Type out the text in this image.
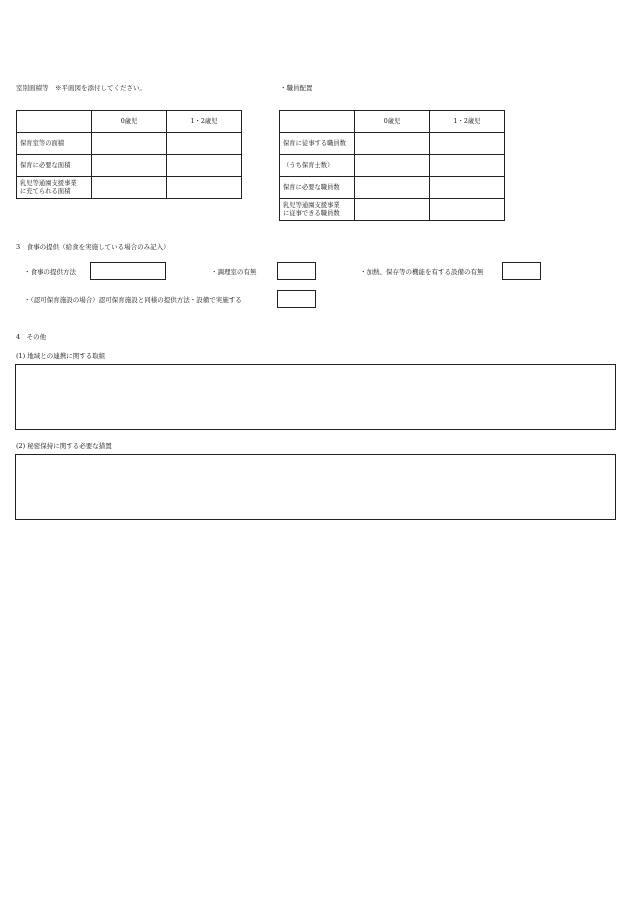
室別面積等　※平面図を添付してください。
	0歳児	1・2歳児
保育室等の面積		
保育に必要な面積		
乳児等通園支援事業
に充てられる面積		
・職員配置
	0歳児	1・2歳児
保育に従事する職員数		
（うち保育士数）		
保育に必要な職員数		
乳児等通園支援事業
に従事できる職員数		
3　食事の提供（給食を実施している場合のみ記入）
・食事の提供方法	・調理室の有無	・加熱、保存等の機能を有する設備の有無
・（認可保育施設の場合）認可保育施設と同様の提供方法・設備で実施する
4　その他
(1) 地域との連携に関する取組
(2) 秘密保持に関する必要な措置
